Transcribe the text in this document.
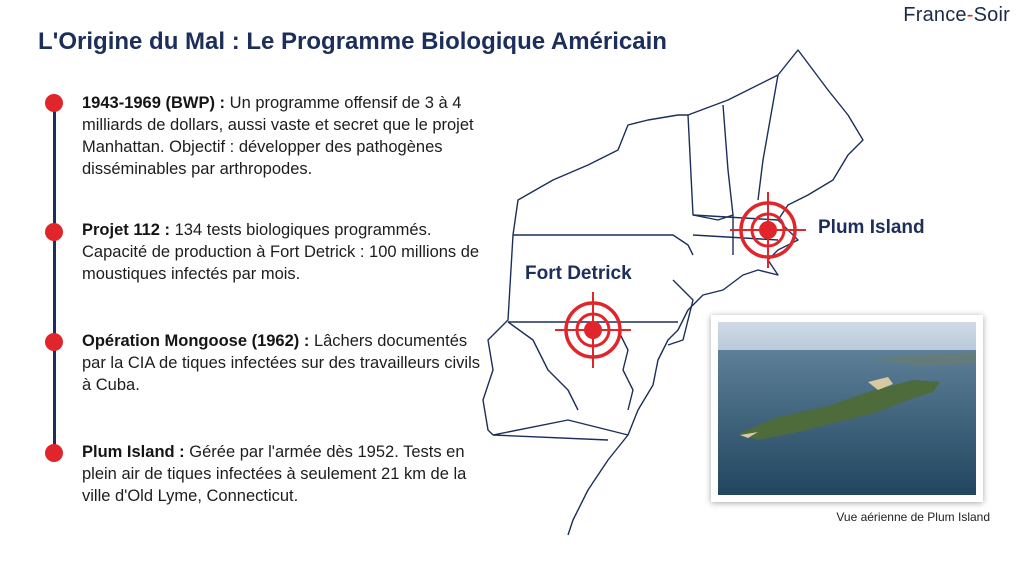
France-Soir
L'Origine du Mal : Le Programme Biologique Américain
1943-1969 (BWP) : Un programme offensif de 3 à 4 milliards de dollars, aussi vaste et secret que le projet Manhattan. Objectif : développer des pathogènes disséminables par arthropodes.
Projet 112 : 134 tests biologiques programmés. Capacité de production à Fort Detrick : 100 millions de moustiques infectés par mois.
Opération Mongoose (1962) : Lâchers documentés par la CIA de tiques infectées sur des travailleurs civils à Cuba.
Plum Island : Gérée par l'armée dès 1952. Tests en plein air de tiques infectées à seulement 21 km de la ville d'Old Lyme, Connecticut.
Fort Detrick
Plum Island
Vue aérienne de Plum Island
